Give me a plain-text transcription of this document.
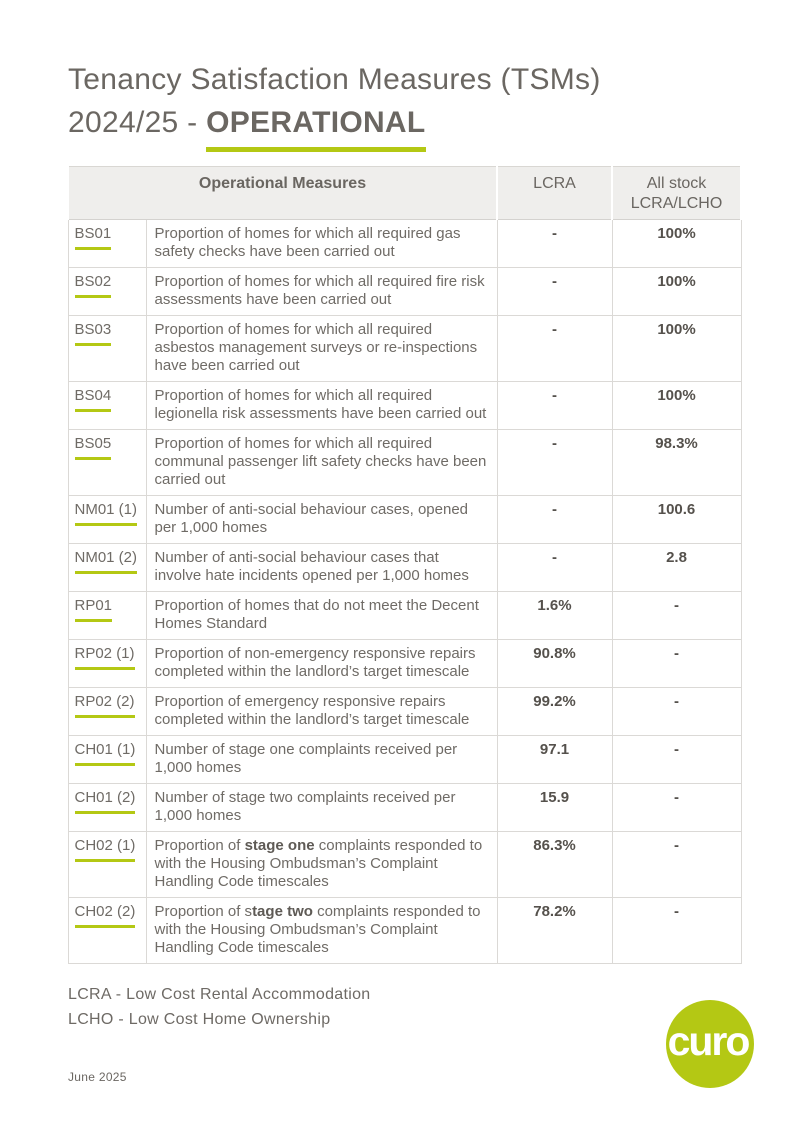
Tenancy Satisfaction Measures (TSMs)
2024/25 - OPERATIONAL
Operational Measures		LCRA	All stock LCRA/LCHO
BS01	Proportion of homes for which all required gas safety checks have been carried out	-	100%
BS02	Proportion of homes for which all required fire risk assessments have been carried out	-	100%
BS03	Proportion of homes for which all required asbestos management surveys or re-inspections have been carried out	-	100%
BS04	Proportion of homes for which all required legionella risk assessments have been carried out	-	100%
BS05	Proportion of homes for which all required communal passenger lift safety checks have been carried out	-	98.3%
NM01 (1)	Number of anti-social behaviour cases, opened per 1,000 homes	-	100.6
NM01 (2)	Number of anti-social behaviour cases that involve hate incidents opened per 1,000 homes	-	2.8
RP01	Proportion of homes that do not meet the Decent Homes Standard	1.6%	-
RP02 (1)	Proportion of non-emergency responsive repairs completed within the landlord’s target timescale	90.8%	-
RP02 (2)	Proportion of emergency responsive repairs completed within the landlord’s target timescale	99.2%	-
CH01 (1)	Number of stage one complaints received per 1,000 homes	97.1	-
CH01 (2)	Number of stage two complaints received per 1,000 homes	15.9	-
CH02 (1)	Proportion of stage one complaints responded to with the Housing Ombudsman’s Complaint Handling Code timescales	86.3%	-
CH02 (2)	Proportion of stage two complaints responded to with the Housing Ombudsman’s Complaint Handling Code timescales	78.2%	-
LCRA - Low Cost Rental Accommodation
LCHO - Low Cost Home Ownership	curo
June 2025
